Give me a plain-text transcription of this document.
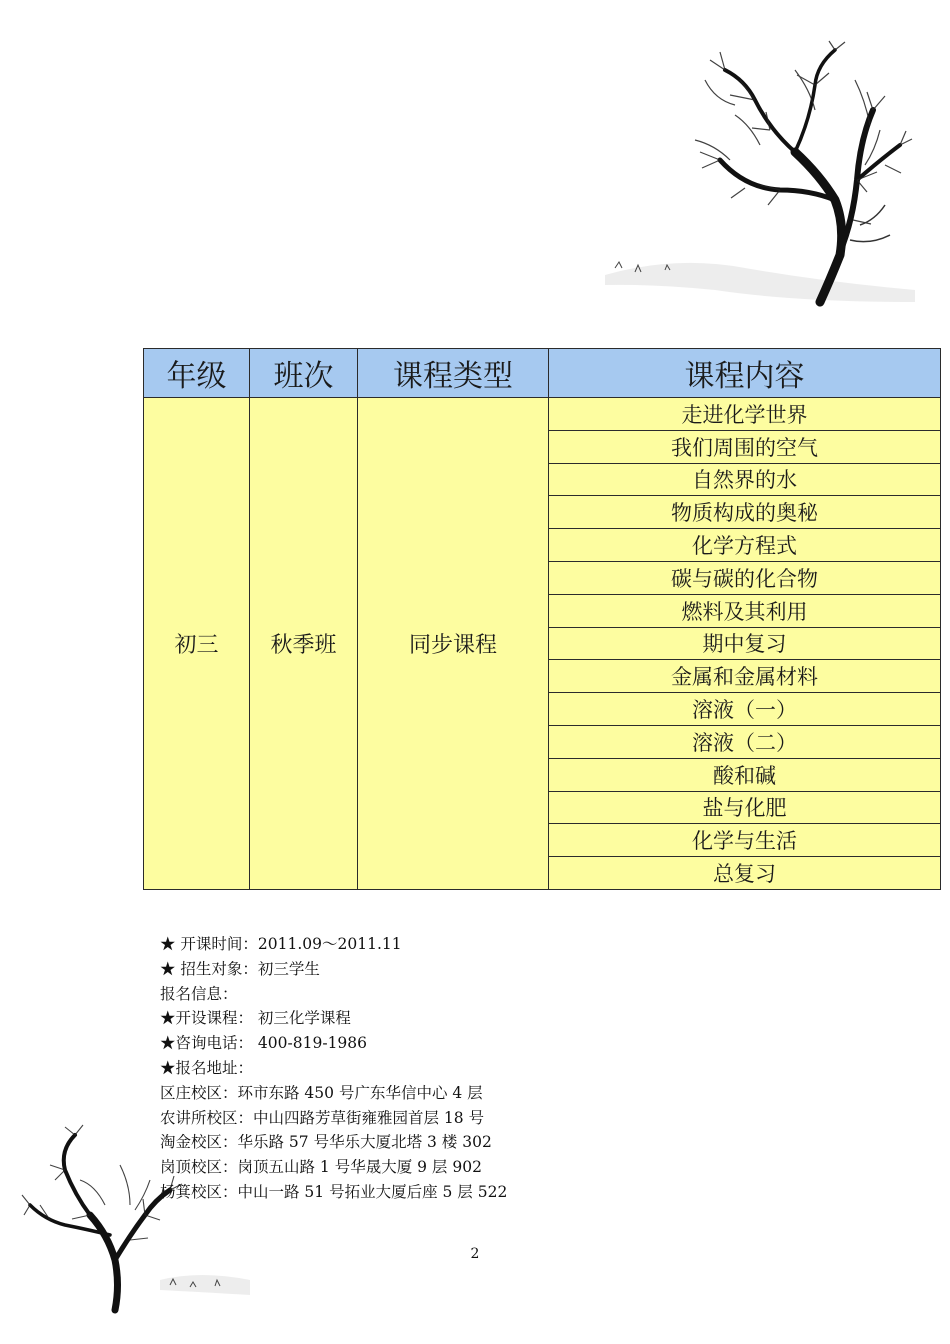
年级	班次	课程类型	课程内容
初三	秋季班	同步课程	走进化学世界
			我们周围的空气
			自然界的水
			物质构成的奥秘
			化学方程式
			碳与碳的化合物
			燃料及其利用
			期中复习
			金属和金属材料
			溶液（一）
			溶液（二）
			酸和碱
			盐与化肥
			化学与生活
			总复习
★ 开课时间：2011.09～2011.11
★ 招生对象：初三学生
报名信息：
★开设课程： 初三化学课程
★咨询电话： 400-819-1986
★报名地址：
区庄校区：环市东路 450 号广东华信中心 4 层
农讲所校区：中山四路芳草街雍雅园首层 18 号
淘金校区：华乐路 57 号华乐大厦北塔 3 楼 302
岗顶校区：岗顶五山路 1 号华晟大厦 9 层 902
杨箕校区：中山一路 51 号拓业大厦后座 5 层 522
2
